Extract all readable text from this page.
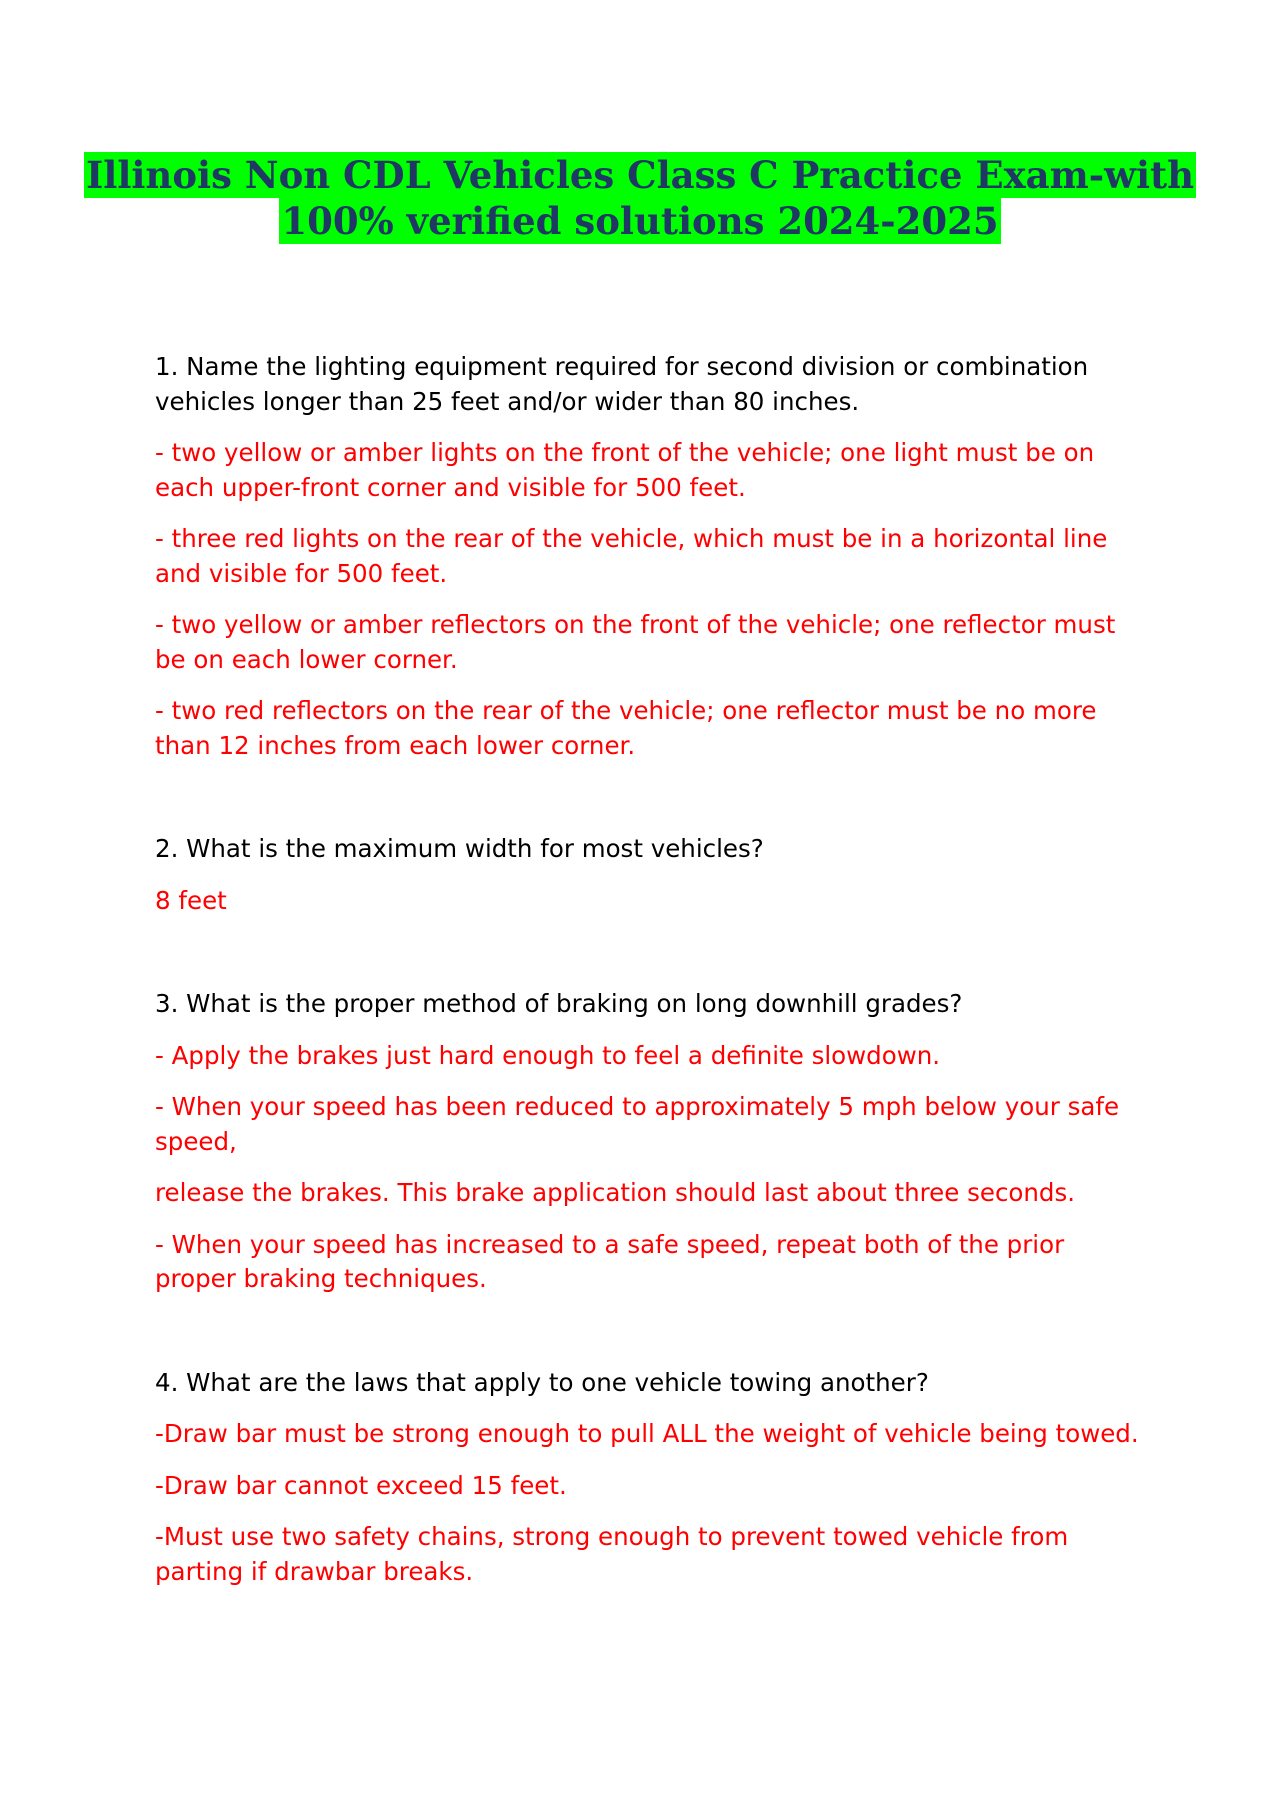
Illinois Non CDL Vehicles Class C Practice Exam-with
100% verified solutions 2024-2025

1. Name the lighting equipment required for second division or combination vehicles longer than 25 feet and/or wider than 80 inches.

- two yellow or amber lights on the front of the vehicle; one light must be on each upper-front corner and visible for 500 feet.

- three red lights on the rear of the vehicle, which must be in a horizontal line and visible for 500 feet.

- two yellow or amber reflectors on the front of the vehicle; one reflector must be on each lower corner.

- two red reflectors on the rear of the vehicle; one reflector must be no more than 12 inches from each lower corner.

2. What is the maximum width for most vehicles?

8 feet

3. What is the proper method of braking on long downhill grades?

- Apply the brakes just hard enough to feel a definite slowdown.

- When your speed has been reduced to approximately 5 mph below your safe speed,

release the brakes. This brake application should last about three seconds.

- When your speed has increased to a safe speed, repeat both of the prior proper braking techniques.

4. What are the laws that apply to one vehicle towing another?

-Draw bar must be strong enough to pull ALL the weight of vehicle being towed.

-Draw bar cannot exceed 15 feet.

-Must use two safety chains, strong enough to prevent towed vehicle from parting if drawbar breaks.
